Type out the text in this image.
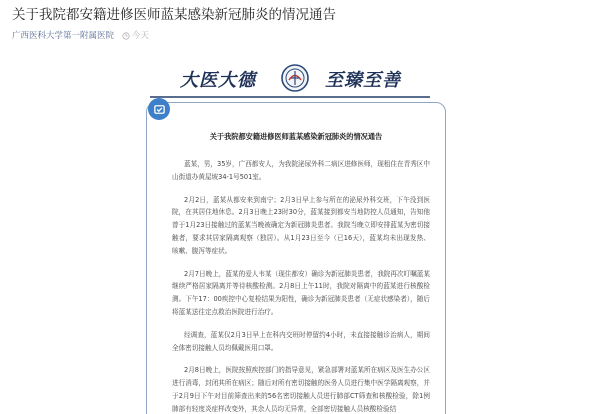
关于我院都安籍进修医师蓝某感染新冠肺炎的情况通告
广西医科大学第一附属医院 今天
大医大德	至臻至善
关于我院都安籍进修医师蓝某感染新冠肺炎的情况通告

蓝某，男，35岁，广西都安人，为我院泌尿外科二病区进修医师，现租住在青秀区中山街道办黄屋坡34-1号501室。

2月2日，蓝某从都安来到南宁；2月3日早上参与所在的泌尿外科交班，下午没到医院，在其居住地休息。2月3日晚上23时30分，蓝某接到都安当地防控人员通知，告知他曾于1月23日接触过的蓝某当晚被确定为新冠肺炎患者。我院当晚立即安排蓝某为密切接触者，要求其居家隔离观察（独居）。从1月23日至今（已16天），蓝某均未出现发热、咳嗽、腹泻等症状。

2月7日晚上，蓝某的爱人韦某（现住都安）确诊为新冠肺炎患者，我院再次叮嘱蓝某继续严格居家隔离并等待核酸检测。2月8日上午11时，我院对隔离中的蓝某进行核酸检测。下午17：00疾控中心复检结果为阳性，确诊为新冠肺炎患者（无症状感染者），随后将蓝某送往定点救治医院进行治疗。

经调查，蓝某仅2月3日早上在科内交班时停留约4小时，未直接接触诊治病人，期间全体密切接触人员均佩戴医用口罩。

2月8日晚上，医院按照疾控部门的指导意见，紧急部署对蓝某所在病区及医生办公区进行消毒，封闭其所在病区；随后对所有密切接触的医务人员进行集中医学隔离观察，并于2月9日下午对目前筛查出来的56名密切接触人员进行肺部CT筛查和核酸检验，除1例肺部有轻度炎症样改变外，其余人员均无异常，全部密切接触人员核酸检验结
